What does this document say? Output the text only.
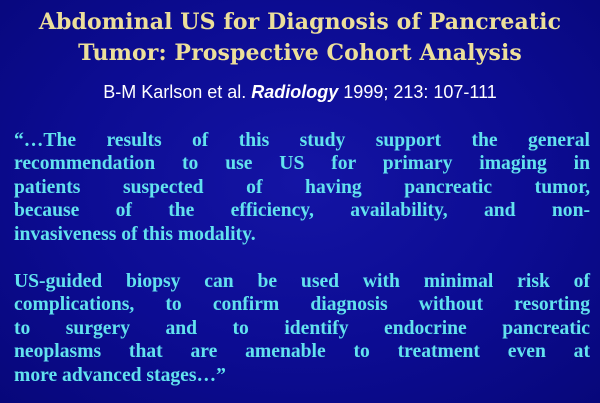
Abdominal US for Diagnosis of Pancreatic
Tumor: Prospective Cohort Analysis
B-M Karlson et al. Radiology 1999; 213: 107-111
“…The results of this study support the general
recommendation to use US for primary imaging in
patients suspected of having pancreatic tumor,
because of the efficiency, availability, and non-
invasiveness of this modality.
US-guided biopsy can be used with minimal risk of
complications, to confirm diagnosis without resorting
to surgery and to identify endocrine pancreatic
neoplasms that are amenable to treatment even at
more advanced stages…”
